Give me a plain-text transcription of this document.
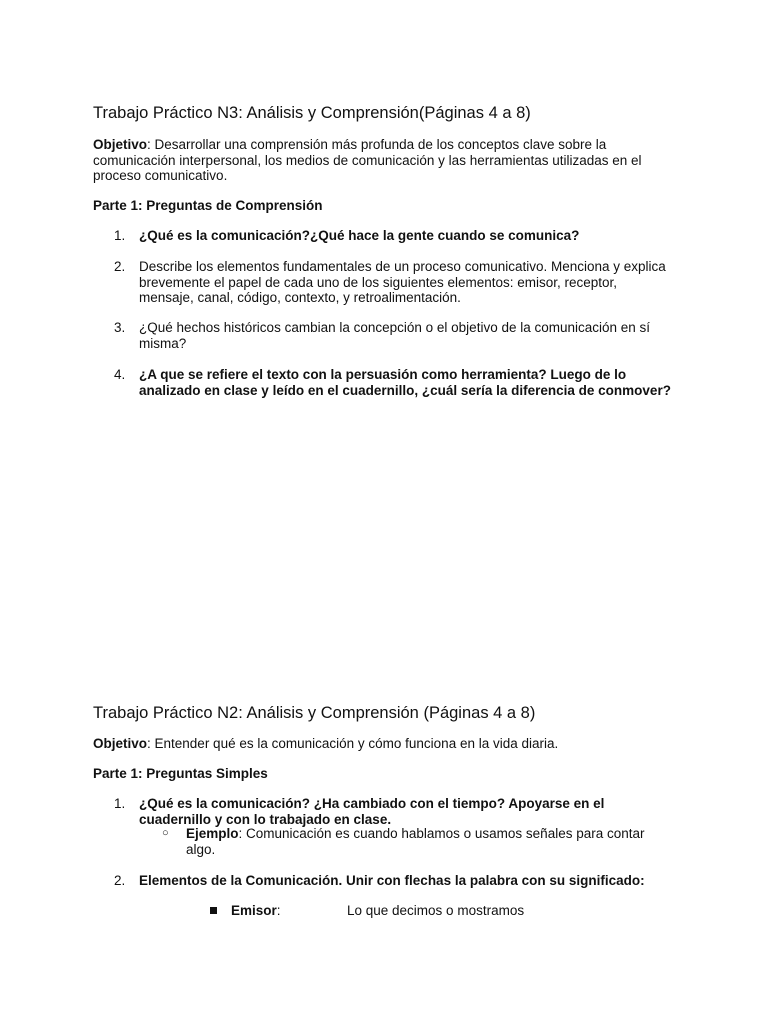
Trabajo Práctico N3: Análisis y Comprensión(Páginas 4 a 8)
Objetivo: Desarrollar una comprensión más profunda de los conceptos clave sobre la comunicación interpersonal, los medios de comunicación y las herramientas utilizadas en el proceso comunicativo.
Parte 1: Preguntas de Comprensión
1.	¿Qué es la comunicación?¿Qué hace la gente cuando se comunica?
2.	Describe los elementos fundamentales de un proceso comunicativo. Menciona y explica brevemente el papel de cada uno de los siguientes elementos: emisor, receptor, mensaje, canal, código, contexto, y retroalimentación.
3.	¿Qué hechos históricos cambian la concepción o el objetivo de la comunicación en sí misma?
4.	¿A que se refiere el texto con la persuasión como herramienta? Luego de lo analizado en clase y leído en el cuadernillo, ¿cuál sería la diferencia de conmover?
Trabajo Práctico N2: Análisis y Comprensión (Páginas 4 a 8)
Objetivo: Entender qué es la comunicación y cómo funciona en la vida diaria.
Parte 1: Preguntas Simples
1.	¿Qué es la comunicación? ¿Ha cambiado con el tiempo? Apoyarse en el cuadernillo y con lo trabajado en clase.
○ Ejemplo: Comunicación es cuando hablamos o usamos señales para contar algo.
2.	Elementos de la Comunicación. Unir con flechas la palabra con su significado:
Emisor:	Lo que decimos o mostramos
